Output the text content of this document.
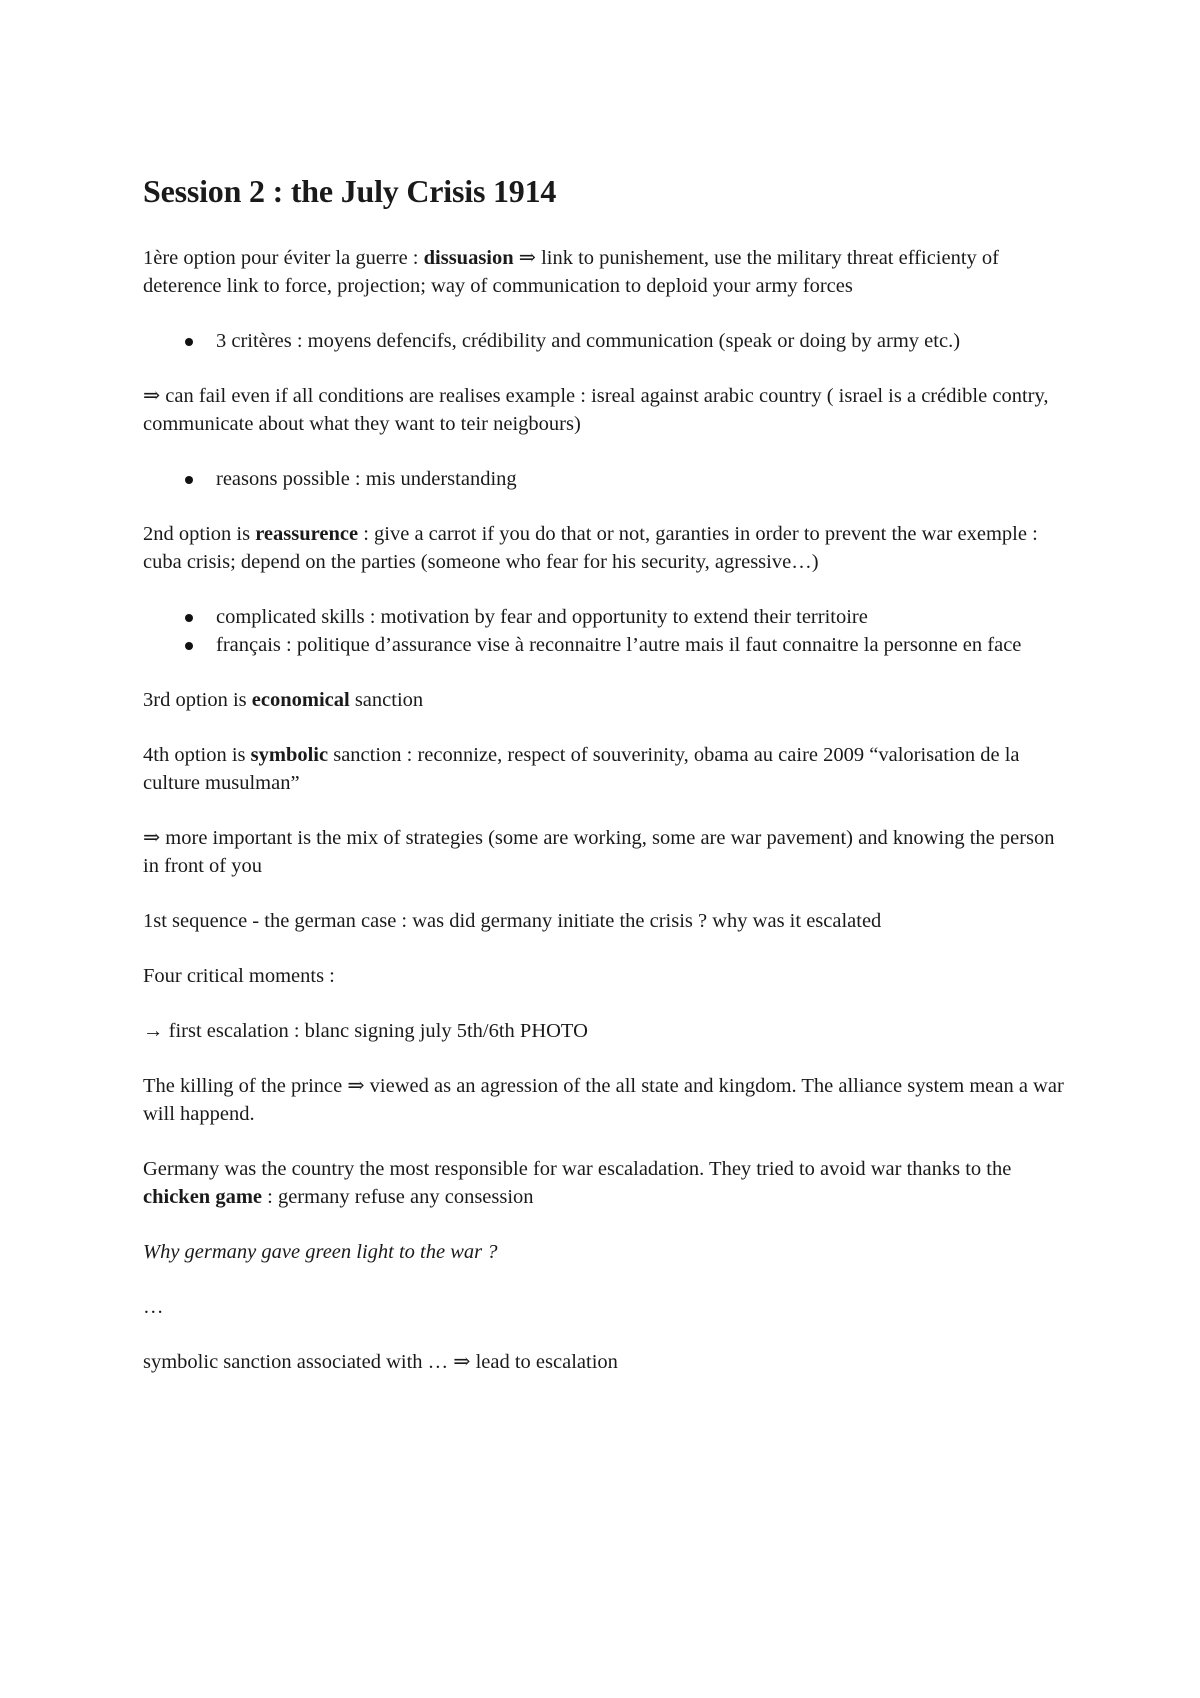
Session 2 : the July Crisis 1914

1ère option pour éviter la guerre : dissuasion ⇒ link to punishement, use the military threat efficienty of deterence link to force, projection; way of communication to deploid your army forces

3 critères : moyens defencifs, crédibility and communication (speak or doing by army etc.)

⇒ can fail even if all conditions are realises example : isreal against arabic country ( israel is a crédible contry, communicate about what they want to teir neigbours)

reasons possible : mis understanding

2nd option is reassurence : give a carrot if you do that or not, garanties in order to prevent the war exemple : cuba crisis; depend on the parties (someone who fear for his security, agressive…)

complicated skills : motivation by fear and opportunity to extend their territoire
français : politique d’assurance vise à reconnaitre l’autre mais il faut connaitre la personne en face

3rd option is economical sanction

4th option is symbolic sanction : reconnize, respect of souverinity, obama au caire 2009 “valorisation de la culture musulman”

⇒ more important is the mix of strategies (some are working, some are war pavement) and knowing the person in front of you

1st sequence - the german case : was did germany initiate the crisis ? why was it escalated

Four critical moments :

→ first escalation : blanc signing july 5th/6th PHOTO

The killing of the prince ⇒ viewed as an agression of the all state and kingdom. The alliance system mean a war will happend.

Germany was the country the most responsible for war escaladation. They tried to avoid war thanks to the chicken game : germany refuse any consession

Why germany gave green light to the war ?

…

symbolic sanction associated with … ⇒ lead to escalation
